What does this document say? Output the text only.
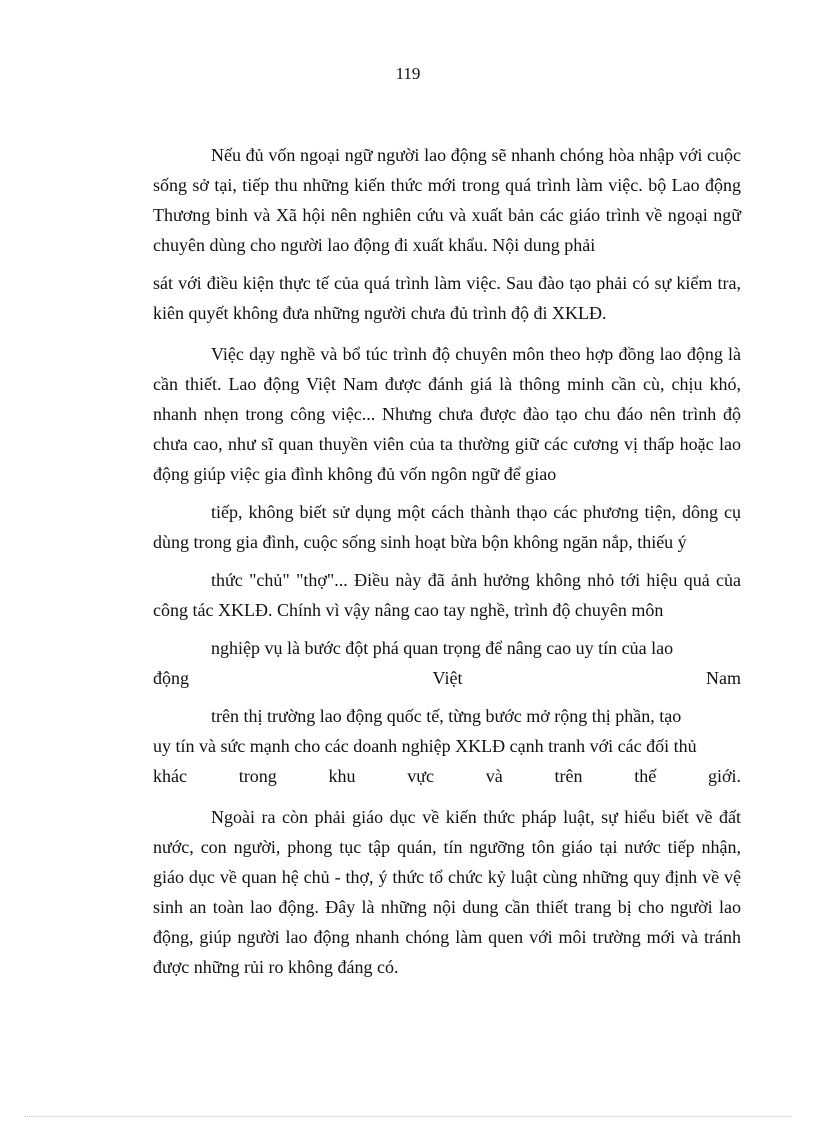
119

Nếu đủ vốn ngoại ngữ người lao động sẽ nhanh chóng hòa nhập với cuộc sống sở tại, tiếp thu những kiến thức mới trong quá trình làm việc. bộ Lao động Thương binh và Xã hội nên nghiên cứu và xuất bản các giáo trình về ngoại ngữ chuyên dùng cho người lao động đi xuất khẩu. Nội dung phải

sát với điều kiện thực tế của quá trình làm việc. Sau đào tạo phải có sự kiểm tra, kiên quyết không đưa những người chưa đủ trình độ đi XKLĐ.

Việc dạy nghề và bổ túc trình độ chuyên môn theo hợp đồng lao động là cần thiết. Lao động Việt Nam được đánh giá là thông minh cần cù, chịu khó, nhanh nhẹn trong công việc... Nhưng chưa được đào tạo chu đáo nên trình độ chưa cao, như sĩ quan thuyền viên của ta thường giữ các cương vị thấp hoặc lao động giúp việc gia đình không đủ vốn ngôn ngữ để giao

tiếp, không biết sử dụng một cách thành thạo các phương tiện, dông cụ dùng trong gia đình, cuộc sống sinh hoạt bừa bộn không ngăn nắp, thiếu ý

thức "chủ" "thợ"... Điều này đã ảnh hưởng không nhỏ tới hiệu quả của công tác XKLĐ. Chính vì vậy nâng cao tay nghề, trình độ chuyên môn

nghiệp vụ là bước đột phá quan trọng để nâng cao uy tín của lao
động	Việt	Nam
trên thị trường lao động quốc tế, từng bước mở rộng thị phần, tạo
uy tín và sức mạnh cho các doanh nghiệp XKLĐ cạnh tranh với các đối thủ
khác	trong	khu	vực	và	trên	thế	giới.

Ngoài ra còn phải giáo dục về kiến thức pháp luật, sự hiểu biết về đất nước, con người, phong tục tập quán, tín ngưỡng tôn giáo tại nước tiếp nhận, giáo dục về quan hệ chủ - thợ, ý thức tổ chức kỷ luật cùng những quy định về vệ sinh an toàn lao động. Đây là những nội dung cần thiết trang bị cho người lao động, giúp người lao động nhanh chóng làm quen với môi trường mới và tránh được những rủi ro không đáng có.
